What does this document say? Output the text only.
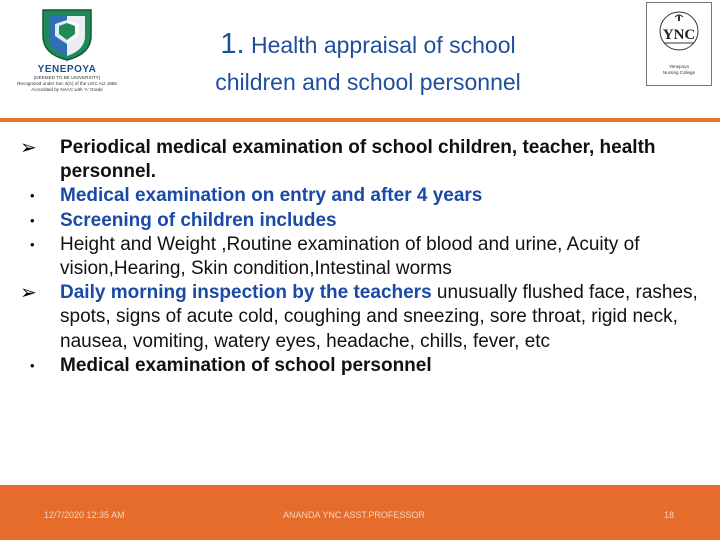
YENEPOYA
(DEEMED TO BE UNIVERSITY)
Recognized under Sec 3(A) of the UGC Act 1956
Accredited by NAAC with 'A' Grade
YNC
Yenepoya
Nursing College
1. Health appraisal of school
children and school personnel
➢	Periodical medical examination of school children, teacher, health personnel.
•	Medical examination on entry and after 4 years
•	Screening of children includes
•	Height and Weight ,Routine examination of blood and urine, Acuity of vision,Hearing, Skin condition,Intestinal worms
➢	Daily morning inspection by the teachers unusually flushed face, rashes, spots, signs of acute cold, coughing and sneezing, sore throat, rigid neck, nausea, vomiting, watery eyes, headache, chills, fever, etc
•	Medical examination of school personnel
12/7/2020 12:35 AM	ANANDA YNC ASST.PROFESSOR	18
